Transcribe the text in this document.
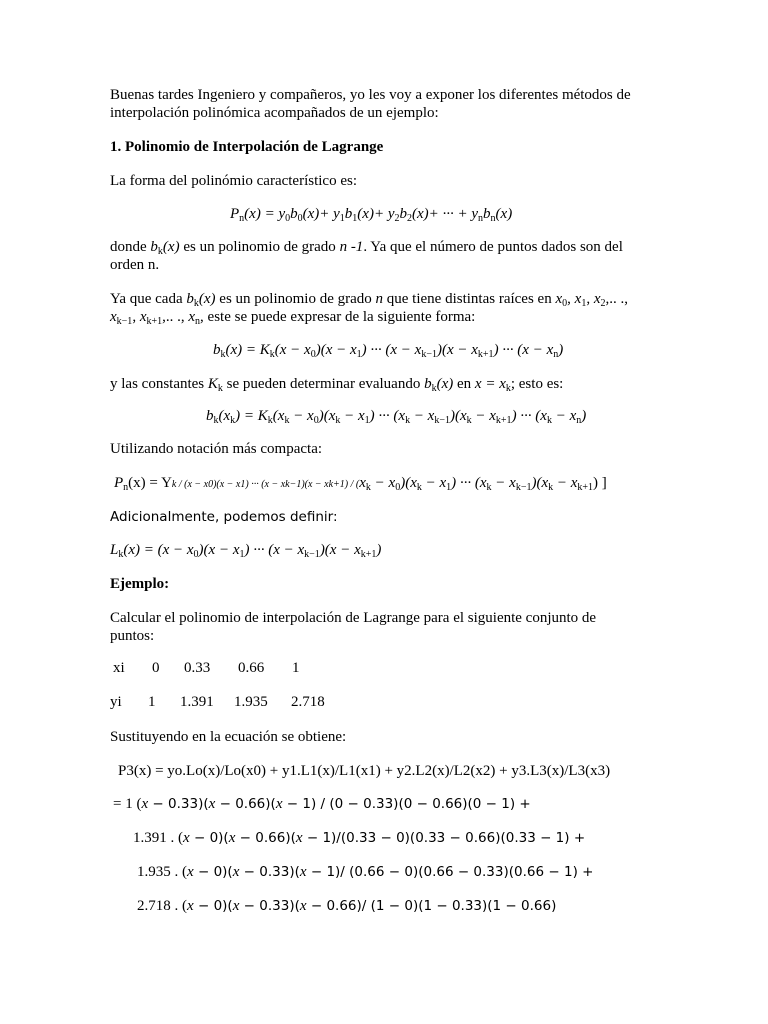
Buenas tardes Ingeniero y compañeros, yo les voy a exponer los diferentes métodos de
interpolación polinómica acompañados de un ejemplo:
1. Polinomio de Interpolación de Lagrange
La forma del polinómio característico es:
$P_n(x) = y_0b_0(x)+ y_1b_1(x)+ y_2b_2(x)+$ ··· + $y_nb_n(x)$
donde $b_k(x)$ es un polinomio de grado n -1. Ya que el número de puntos dados son del
orden n.
Ya que cada $b_k(x)$ es un polinomio de grado n que tiene distintas raíces en $x_0$, $x_1$, $x_2$,.. .,
$x_{k-1}$, $x_{k+1}$,.. ., $x_n$, este se puede expresar de la siguiente forma:
$b_k(x) = K_k(x - x_0)(x - x_1)$ ··· $(x - x_{k-1})(x - x_{k+1})$ ··· $(x - x_n)$
y las constantes $K_k$ se pueden determinar evaluando $b_k(x)$ en $x = x_k$; esto es:
$b_k(x_k) = K_k(x_k - x_0)(x_k - x_1)$ ··· $(x_k - x_{k-1})(x_k - x_{k+1})$ ··· $(x_k - x_n)$
Utilizando notación más compacta:
$P_n(x) = Yk / (x - x0)(x - x1)$ ··· $(x - xk-1)(x - xk+1) / (x_k - x_0)(x_k - x_1)$ ··· $(x_k - x_{k-1})(x_k - x_{k+1})$ ]
Adicionalmente, podemos definir:
$L_k(x) = (x - x_0)(x - x_1)$ ··· $(x - x_{k-1})(x - x_{k+1})$
Ejemplo:
Calcular el polinomio de interpolación de Lagrange para el siguiente conjunto de
puntos:
xi 0 0.33 0.66 1
yi 1 1.391 1.935 2.718
Sustituyendo en la ecuación se obtiene:
P3(x) = yo.Lo(x)/Lo(x0) + y1.L1(x)/L1(x1) + y2.L2(x)/L2(x2) + y3.L3(x)/L3(x3)
= 1 (x − 0.33)(x − 0.66)(x − 1) / (0 − 0.33)(0 − 0.66)(0 − 1) +
1.391 . (x − 0)(x − 0.66)(x − 1)/(0.33 − 0)(0.33 − 0.66)(0.33 − 1) +
1.935 . (x − 0)(x − 0.33)(x − 1)/ (0.66 − 0)(0.66 − 0.33)(0.66 − 1) +
2.718 . (x − 0)(x − 0.33)(x − 0.66)/ (1 − 0)(1 − 0.33)(1 − 0.66)
